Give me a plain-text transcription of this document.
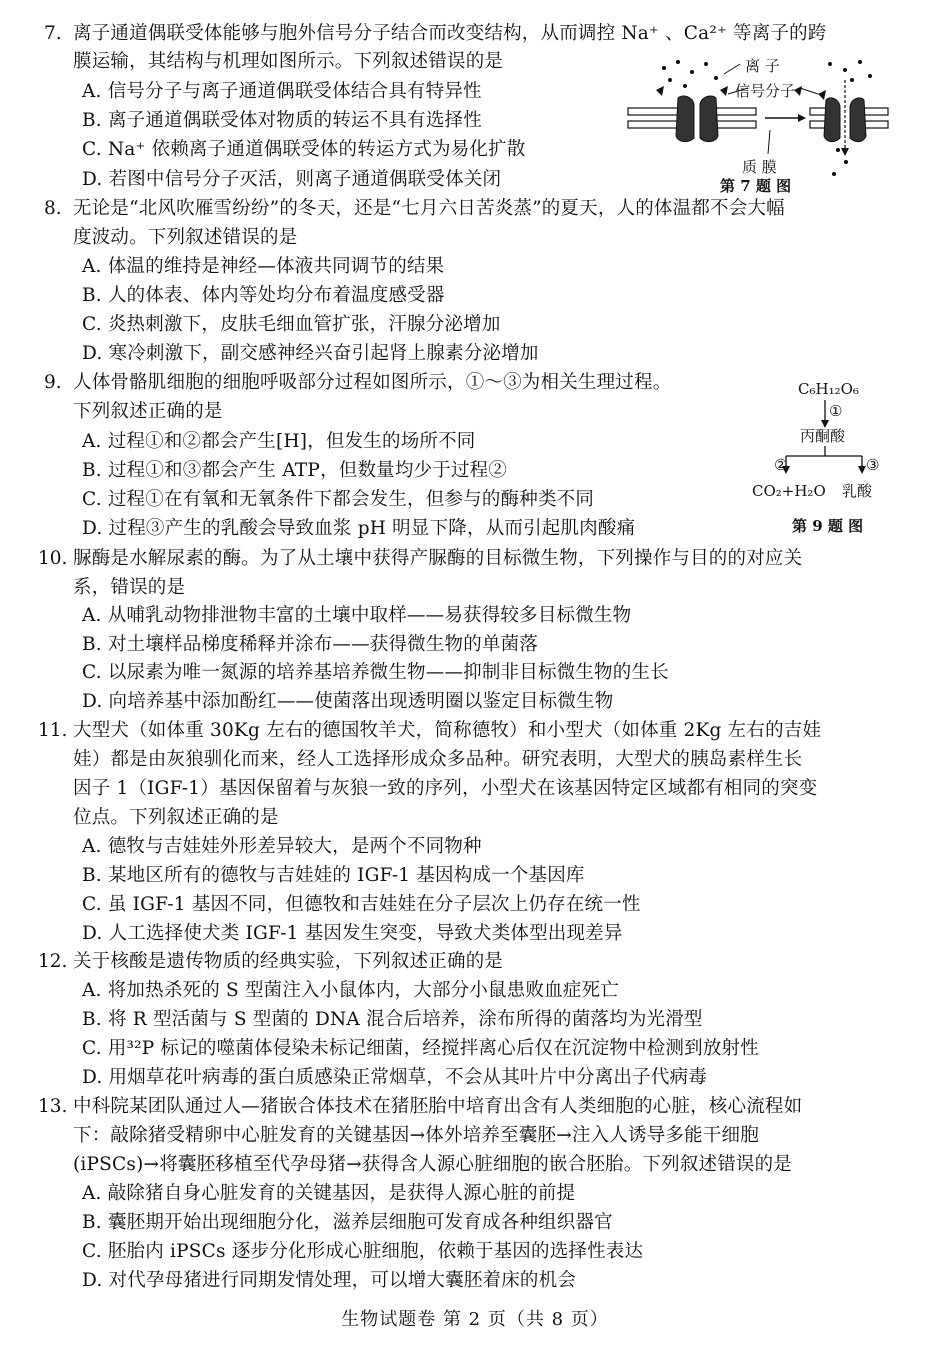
7. 离子通道偶联受体能够与胞外信号分子结合而改变结构，从而调控 Na⁺ 、Ca²⁺ 等离子的跨
膜运输，其结构与机理如图所示。下列叙述错误的是
A. 信号分子与离子通道偶联受体结合具有特异性
B. 离子通道偶联受体对物质的转运不具有选择性
C. Na⁺ 依赖离子通道偶联受体的转运方式为易化扩散
D. 若图中信号分子灭活，则离子通道偶联受体关闭
离 子
信号分子
质 膜
第 7 题 图
8. 无论是“北风吹雁雪纷纷”的冬天，还是“七月六日苦炎蒸”的夏天，人的体温都不会大幅
度波动。下列叙述错误的是
A. 体温的维持是神经—体液共同调节的结果
B. 人的体表、体内等处均分布着温度感受器
C. 炎热刺激下，皮肤毛细血管扩张，汗腺分泌增加
D. 寒冷刺激下，副交感神经兴奋引起肾上腺素分泌增加
9. 人体骨骼肌细胞的细胞呼吸部分过程如图所示，①～③为相关生理过程。
下列叙述正确的是
A. 过程①和②都会产生[H]，但发生的场所不同
B. 过程①和③都会产生 ATP，但数量均少于过程②
C. 过程①在有氧和无氧条件下都会发生，但参与的酶种类不同
D. 过程③产生的乳酸会导致血浆 pH 明显下降，从而引起肌肉酸痛
C₆H₁₂O₆
①
丙酮酸
②	③
CO₂+H₂O 乳酸
第 9 题 图
10. 脲酶是水解尿素的酶。为了从土壤中获得产脲酶的目标微生物，下列操作与目的的对应关
系，错误的是
A. 从哺乳动物排泄物丰富的土壤中取样——易获得较多目标微生物
B. 对土壤样品梯度稀释并涂布——获得微生物的单菌落
C. 以尿素为唯一氮源的培养基培养微生物——抑制非目标微生物的生长
D. 向培养基中添加酚红——使菌落出现透明圈以鉴定目标微生物
11. 大型犬（如体重 30Kg 左右的德国牧羊犬，简称德牧）和小型犬（如体重 2Kg 左右的吉娃
娃）都是由灰狼驯化而来，经人工选择形成众多品种。研究表明，大型犬的胰岛素样生长
因子 1（IGF-1）基因保留着与灰狼一致的序列，小型犬在该基因特定区域都有相同的突变
位点。下列叙述正确的是
A. 德牧与吉娃娃外形差异较大，是两个不同物种
B. 某地区所有的德牧与吉娃娃的 IGF-1 基因构成一个基因库
C. 虽 IGF-1 基因不同，但德牧和吉娃娃在分子层次上仍存在统一性
D. 人工选择使犬类 IGF-1 基因发生突变，导致犬类体型出现差异
12. 关于核酸是遗传物质的经典实验，下列叙述正确的是
A. 将加热杀死的 S 型菌注入小鼠体内，大部分小鼠患败血症死亡
B. 将 R 型活菌与 S 型菌的 DNA 混合后培养，涂布所得的菌落均为光滑型
C. 用³²P 标记的噬菌体侵染未标记细菌，经搅拌离心后仅在沉淀物中检测到放射性
D. 用烟草花叶病毒的蛋白质感染正常烟草，不会从其叶片中分离出子代病毒
13. 中科院某团队通过人—猪嵌合体技术在猪胚胎中培育出含有人类细胞的心脏，核心流程如
下：敲除猪受精卵中心脏发育的关键基因→体外培养至囊胚→注入人诱导多能干细胞
(iPSCs)→将囊胚移植至代孕母猪→获得含人源心脏细胞的嵌合胚胎。下列叙述错误的是
A. 敲除猪自身心脏发育的关键基因，是获得人源心脏的前提
B. 囊胚期开始出现细胞分化，滋养层细胞可发育成各种组织器官
C. 胚胎内 iPSCs 逐步分化形成心脏细胞，依赖于基因的选择性表达
D. 对代孕母猪进行同期发情处理，可以增大囊胚着床的机会
生物试题卷 第 2 页（共 8 页）
